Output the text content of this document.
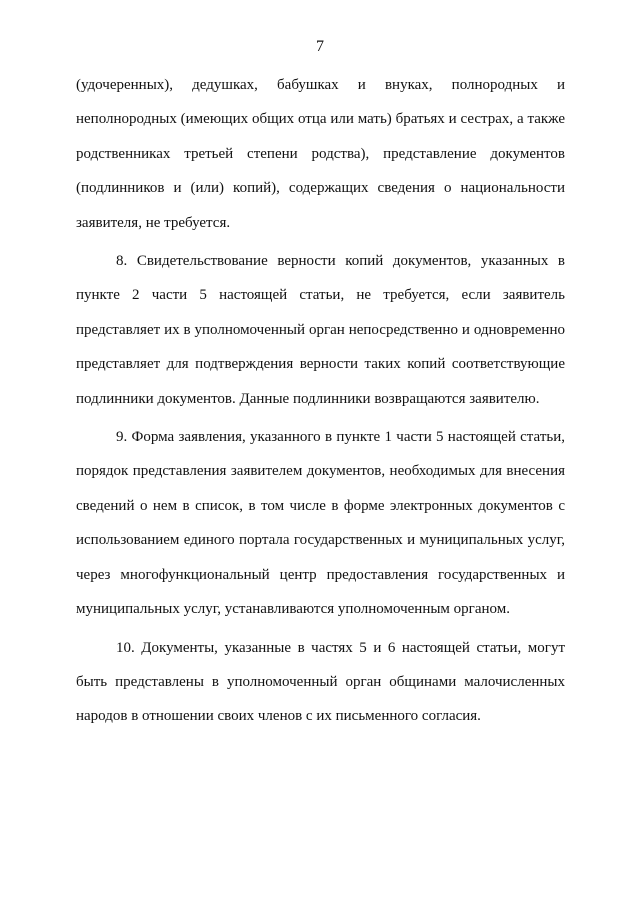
7

(удочеренных), дедушках, бабушках и внуках, полнородных и неполнородных (имеющих общих отца или мать) братьях и сестрах, а также родственниках третьей степени родства), представление документов (подлинников и (или) копий), содержащих сведения о национальности заявителя, не требуется.

8. Свидетельствование верности копий документов, указанных в пункте 2 части 5 настоящей статьи, не требуется, если заявитель представляет их в уполномоченный орган непосредственно и одновременно представляет для подтверждения верности таких копий соответствующие подлинники документов. Данные подлинники возвращаются заявителю.

9. Форма заявления, указанного в пункте 1 части 5 настоящей статьи, порядок представления заявителем документов, необходимых для внесения сведений о нем в список, в том числе в форме электронных документов с использованием единого портала государственных и муниципальных услуг, через многофункциональный центр предоставления государственных и муниципальных услуг, устанавливаются уполномоченным органом.

10. Документы, указанные в частях 5 и 6 настоящей статьи, могут быть представлены в уполномоченный орган общинами малочисленных народов в отношении своих членов с их письменного согласия.
